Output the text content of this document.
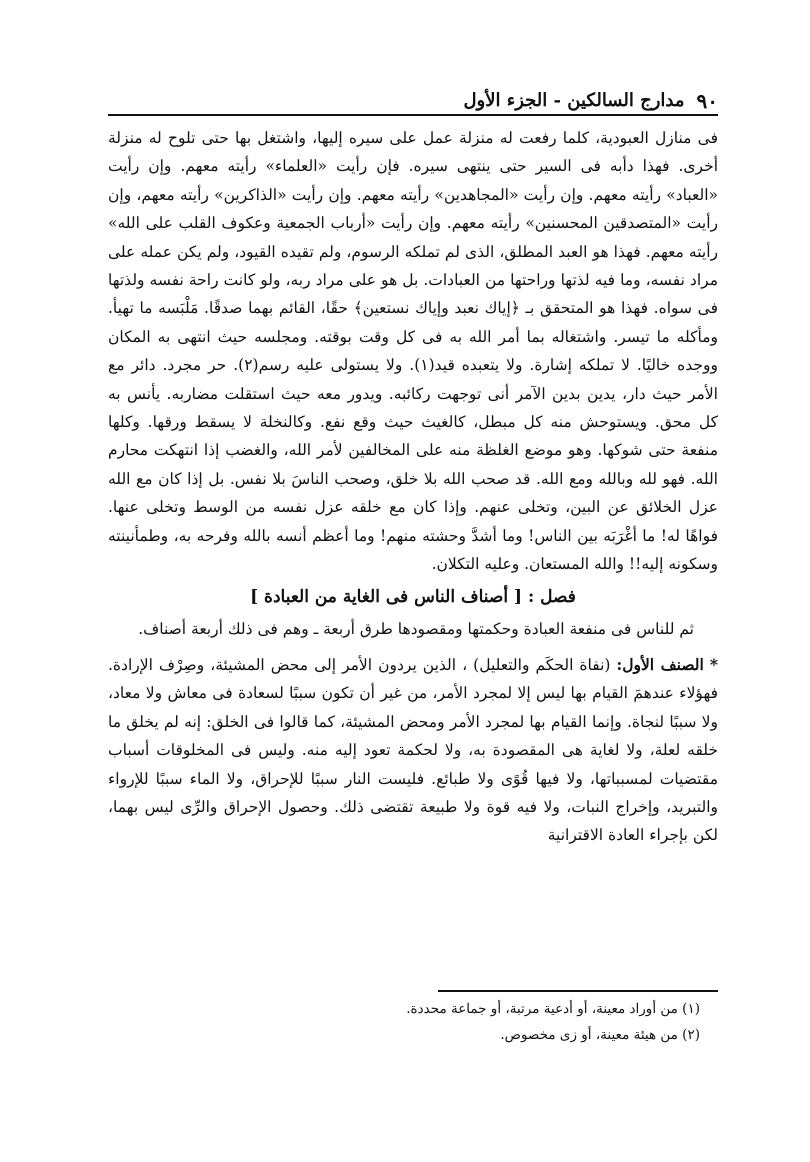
٩٠
مدارج السالكين - الجزء الأول

فى منازل العبودية، كلما رفعت له منزلة عمل على سيره إليها، واشتغل بها حتى تلوح له منزلة أخرى. فهذا دأبه فى السير حتى ينتهى سيره. فإن رأيت «العلماء» رأيته معهم. وإن رأيت «العباد» رأيته معهم. وإن رأيت «المجاهدين» رأيته معهم. وإن رأيت «الذاكرين» رأيته معهم، وإن رأيت «المتصدقين المحسنين» رأيته معهم. وإن رأيت «أرباب الجمعية وعكوف القلب على الله» رأيته معهم. فهذا هو العبد المطلق، الذى لم تملكه الرسوم، ولم تقيده القيود، ولم يكن عمله على مراد نفسه، وما فيه لذتها وراحتها من العبادات. بل هو على مراد ربه، ولو كانت راحة نفسه ولذتها فى سواه. فهذا هو المتحقق بـ ﴿إياك نعبد وإياك نستعين﴾ حقًا، القائم بهما صدقًا. مَلْبَسه ما تهيأ. ومأكله ما تيسر. واشتغاله بما أمر الله به فى كل وقت بوقته. ومجلسه حيث انتهى به المكان ووجده خاليًا. لا تملكه إشارة. ولا يتعبده قيد(١). ولا يستولى عليه رسم(٢). حر مجرد. دائر مع الأمر حيث دار، يدين بدين الآمر أنى توجهت ركائبه. ويدور معه حيث استقلت مضاربه. يأنس به كل محق. ويستوحش منه كل مبطل، كالغيث حيث وقع نفع. وكالنخلة لا يسقط ورقها. وكلها منفعة حتى شوكها. وهو موضع الغلظة منه على المخالفين لأمر الله، والغضب إذا انتهكت محارم الله. فهو لله وبالله ومع الله. قد صحب الله بلا خلق، وصحب الناسَ بلا نفس. بل إذا كان مع الله عزل الخلائق عن البين، وتخلى عنهم. وإذا كان مع خلقه عزل نفسه من الوسط وتخلى عنها. فواهًا له! ما أغْرَبَه بين الناس! وما أشدَّ وحشته منهم! وما أعظم أنسه بالله وفرحه به، وطمأنينته وسكونه إليه!! والله المستعان. وعليه التكلان.

فصل : [ أصناف الناس فى الغاية من العبادة ]

ثم للناس فى منفعة العبادة وحكمتها ومقصودها طرق أربعة ـ وهم فى ذلك أربعة أصناف.

* الصنف الأول: (نفاة الحكَم والتعليل) ، الذين يردون الأمر إلى محض المشيئة، وصِرْف الإرادة. فهؤلاء عندهمَ القيام بها ليس إلا لمجرد الأمر، من غير أن تكون سببًا لسعادة فى معاش ولا معاد، ولا سببًا لنجاة. وإنما القيام بها لمجرد الأمر ومحض المشيئة، كما قالوا فى الخلق: إنه لم يخلق ما خلقه لعلة، ولا لغاية هى المقصودة به، ولا لحكمة تعود إليه منه. وليس فى المخلوقات أسباب مقتضيات لمسبباتها، ولا فيها قُوًى ولا طبائع. فليست النار سببًا للإحراق، ولا الماء سببًا للإرواء والتبريد، وإخراج النبات، ولا فيه قوة ولا طبيعة تقتضى ذلك. وحصول الإحراق والرِّى ليس بهما، لكن بإجراء العادة الاقترانية

(١) من أوراد معينة، أو أدعية مرتبة، أو جماعة محددة.

(٢) من هيئة معينة، أو زى مخصوص.
